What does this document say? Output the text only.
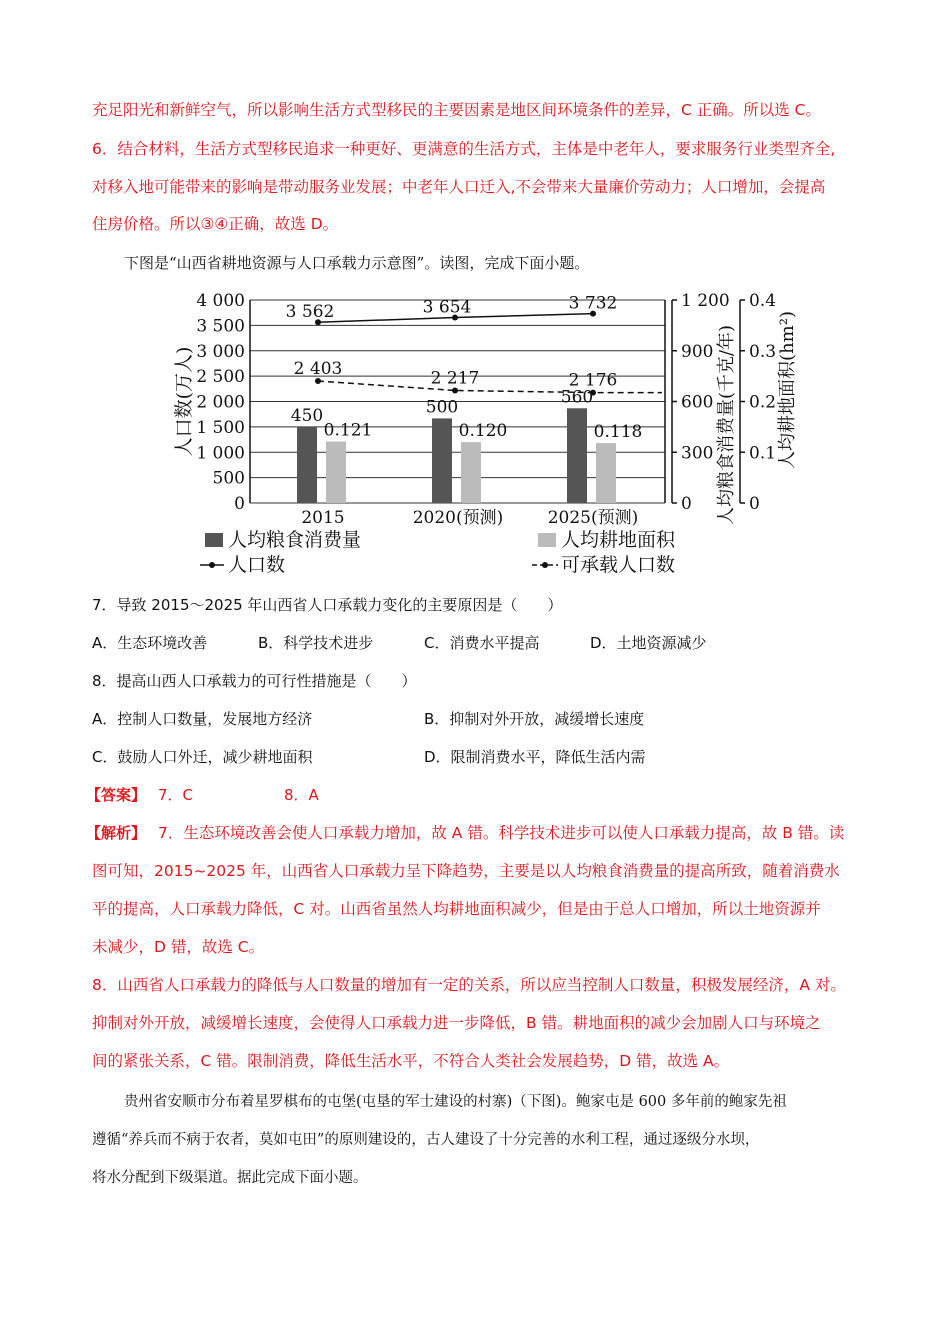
充足阳光和新鲜空气，所以影响生活方式型移民的主要因素是地区间环境条件的差异，C 正确。所以选 C。
6．结合材料，生活方式型移民追求一种更好、更满意的生活方式，主体是中老年人，要求服务行业类型齐全,
对移入地可能带来的影响是带动服务业发展；中老年人口迁入,不会带来大量廉价劳动力；人口增加，会提高
住房价格。所以③④正确，故选 D。
下图是“山西省耕地资源与人口承载力示意图”。读图，完成下面小题。
0
500
1 000
1 500
2 000
2 500
3 000
3 500
4 000
0
300
600
900
1 200
0
0.1
0.2
0.3
0.4
450
0.121
500
0.120
560
0.118
3 562	3 654	3 732
2 403	2 217	2 176
2015	2020(预测)	2025(预测)
人口数(万人)	人均粮食消费量(千克/年) 人均耕地面积(hm²)
人均粮食消费量	人均耕地面积
人口数	可承载人口数
7．导致 2015～2025 年山西省人口承载力变化的主要原因是（　　）
A．生态环境改善	B．科学技术进步	C．消费水平提高	D．土地资源减少
8．提高山西人口承载力的可行性措施是（　　）
A．控制人口数量，发展地方经济	B．抑制对外开放，减缓增长速度
C．鼓励人口外迁，减少耕地面积	D．限制消费水平，降低生活内需
【答案】 7．C	8．A
【解析】 7．生态环境改善会使人口承载力增加，故 A 错。科学技术进步可以使人口承载力提高，故 B 错。读
图可知，2015~2025 年，山西省人口承载力呈下降趋势，主要是以人均粮食消费量的提高所致，随着消费水
平的提高，人口承载力降低，C 对。山西省虽然人均耕地面积减少，但是由于总人口增加，所以土地资源并
未减少，D 错，故选 C。
8．山西省人口承载力的降低与人口数量的增加有一定的关系，所以应当控制人口数量，积极发展经济，A 对。
抑制对外开放，减缓增长速度，会使得人口承载力进一步降低，B 错。耕地面积的减少会加剧人口与环境之
间的紧张关系，C 错。限制消费，降低生活水平，不符合人类社会发展趋势，D 错，故选 A。
贵州省安顺市分布着星罗棋布的屯堡(屯垦的军士建设的村寨)（下图)。鲍家屯是 600 多年前的鲍家先祖
遵循“养兵而不病于农者，莫如屯田”的原则建设的，古人建设了十分完善的水利工程，通过逐级分水坝，
将水分配到下级渠道。据此完成下面小题。
